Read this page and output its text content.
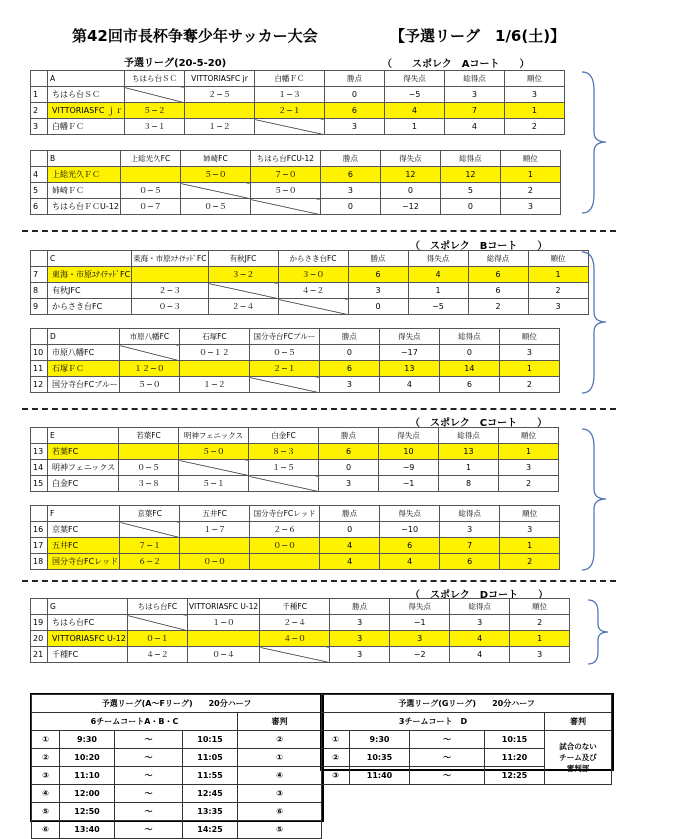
第42回市長杯争奪少年サッカー大会	【予選リーグ　1/6(土)】
予選リーグ(20-5-20)	（　　スポレク　Aコート　　）
（　スポレク　Bコート　　）
（　スポレク　Cコート　　）
（　スポレク　Dコート　　）
	A	ちはら台ＳＣ	VITTORIASFC jr	白幡ＦＣ	勝点	得失点	総得点	順位
1	ちはら台ＳＣ		２−５	１−３	0	−5	3	3
2	VITTORIASFC ｊｒ	５−２		２−１	6	4	7	1
3	白幡ＦＣ	３−１	１−２		3	1	4	2
	B	上総光久FC	姉崎FC	ちはら台FCU-12	勝点	得失点	総得点	順位
4	上総光久ＦＣ		５−０	７−０	6	12	12	1
5	姉崎ＦＣ	０−５		５−０	3	0	5	2
6	ちはら台ＦＣU-12	０−７	０−５		0	−12	0	3
	C	東海・市原ﾕﾅｲﾃｯﾄﾞFC	有秋JFC	からさき台FC	勝点	得失点	総得点	順位
7	東海・市原ﾕﾅｲﾃｯﾄﾞFC		３−２	３−０	6	4	6	1
8	有秋JFC	２−３		４−２	3	1	6	2
9	からさき台FC	０−３	２−４		0	−5	2	3
	D	市原八幡FC	石塚FC	国分寺台FCブルー	勝点	得失点	総得点	順位
10	市原八幡FC		０−１２	０−５	0	−17	0	3
11	石塚ＦＣ	１２−０		２−１	6	13	14	1
12	国分寺台FCブルー	５−０	１−２		3	4	6	2
	E	若葉FC	明神フェニックス	白金FC	勝点	得失点	総得点	順位
13	若葉FC		５−０	８−３	6	10	13	1
14	明神フェニックス	０−５		１−５	0	−9	1	3
15	白金FC	３−８	５−１		3	−1	8	2
	F	京葉FC	五井FC	国分寺台FCレッド	勝点	得失点	総得点	順位
16	京葉FC		１−７	２−６	0	−10	3	3
17	五井FC	７−１		０−０	4	6	7	1
18	国分寺台FCレッド	６−２	０−０		4	4	6	2
	G	ちはら台FC	VITTORIASFC U-12	千種FC	勝点	得失点	総得点	順位
19	ちはら台FC		１−０	２−４	3	−1	3	2
20	VITTORIASFC U-12	０−１		４−０	3	3	4	1
21	千種FC	４−２	０−４		3	−2	4	3
予選リーグ(A〜Fリーグ)　　20分ハーフ				
6チームコートA・B・C				審判
①	9:30	〜	10:15	②
②	10:20	〜	11:05	①
③	11:10	〜	11:55	④
④	12:00	〜	12:45	③
⑤	12:50	〜	13:35	⑥
⑥	13:40	〜	14:25	⑤
予選リーグ(Gリーグ)　　20分ハーフ				
3チームコート　D				審判
①	9:30	〜	10:15	試合のない
チーム及び
審判部

②	10:35	〜	11:20	
③	11:40	〜	12:25	
